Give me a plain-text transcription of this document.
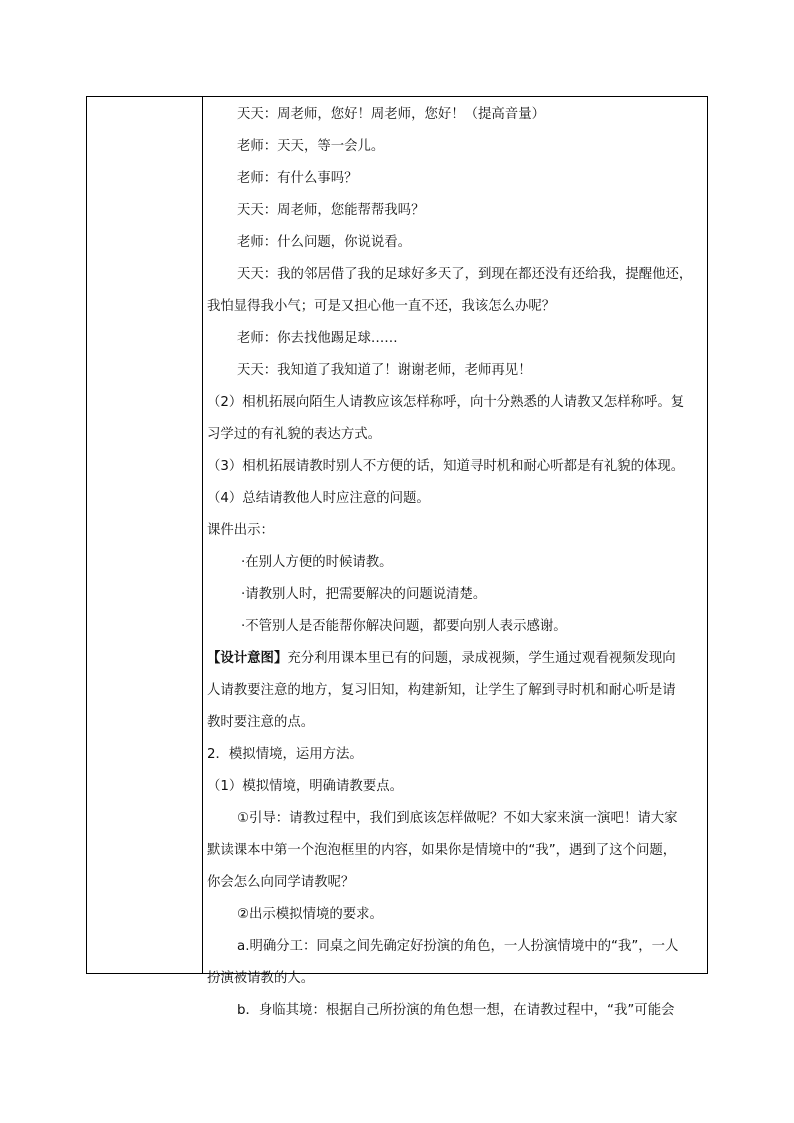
天天：周老师，您好！周老师，您好！（提高音量）
老师：天天，等一会儿。
老师：有什么事吗？
天天：周老师，您能帮帮我吗？
老师：什么问题，你说说看。
天天：我的邻居借了我的足球好多天了，到现在都还没有还给我，提醒他还，
我怕显得我小气；可是又担心他一直不还，我该怎么办呢？
老师：你去找他踢足球……
天天：我知道了我知道了！谢谢老师，老师再见！
（2）相机拓展向陌生人请教应该怎样称呼，向十分熟悉的人请教又怎样称呼。复
习学过的有礼貌的表达方式。
（3）相机拓展请教时别人不方便的话，知道寻时机和耐心听都是有礼貌的体现。
（4）总结请教他人时应注意的问题。
课件出示：
·在别人方便的时候请教。
·请教别人时，把需要解决的问题说清楚。
·不管别人是否能帮你解决问题，都要向别人表示感谢。
【设计意图】充分利用课本里已有的问题，录成视频，学生通过观看视频发现向
人请教要注意的地方，复习旧知，构建新知，让学生了解到寻时机和耐心听是请
教时要注意的点。
2．模拟情境，运用方法。
（1）模拟情境，明确请教要点。
①引导：请教过程中，我们到底该怎样做呢？不如大家来演一演吧！请大家
默读课本中第一个泡泡框里的内容，如果你是情境中的“我”，遇到了这个问题，
你会怎么向同学请教呢？
②出示模拟情境的要求。
a.明确分工：同桌之间先确定好扮演的角色，一人扮演情境中的“我”，一人
扮演被请教的人。
b．身临其境：根据自己所扮演的角色想一想，在请教过程中，“我”可能会
